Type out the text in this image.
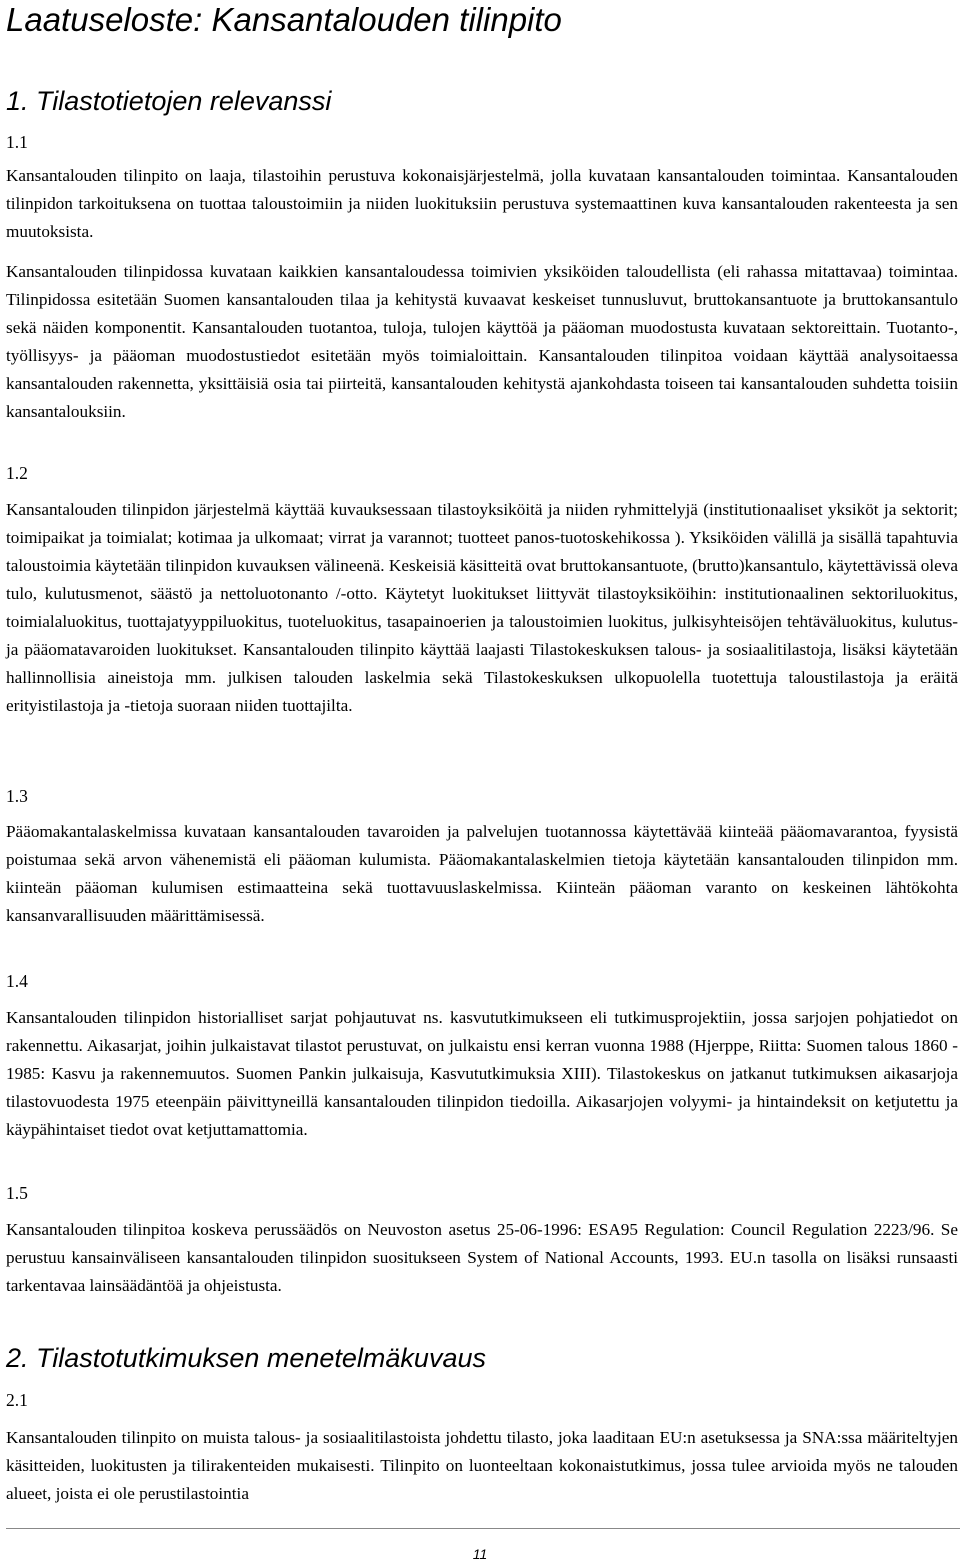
Laatuseloste: Kansantalouden tilinpito
1. Tilastotietojen relevanssi
1.1

Kansantalouden tilinpito on laaja, tilastoihin perustuva kokonaisjärjestelmä, jolla kuvataan kansantalouden toimintaa. Kansantalouden tilinpidon tarkoituksena on tuottaa taloustoimiin ja niiden luokituksiin perustuva systemaattinen kuva kansantalouden rakenteesta ja sen muutoksista.

Kansantalouden tilinpidossa kuvataan kaikkien kansantaloudessa toimivien yksiköiden taloudellista (eli rahassa mitattavaa) toimintaa. Tilinpidossa esitetään Suomen kansantalouden tilaa ja kehitystä kuvaavat keskeiset tunnusluvut, bruttokansantuote ja bruttokansantulo sekä näiden komponentit. Kansantalouden tuotantoa, tuloja, tulojen käyttöä ja pääoman muodostusta kuvataan sektoreittain. Tuotanto-, työllisyys- ja pääoman muodostustiedot esitetään myös toimialoittain. Kansantalouden tilinpitoa voidaan käyttää analysoitaessa kansantalouden rakennetta, yksittäisiä osia tai piirteitä, kansantalouden kehitystä ajankohdasta toiseen tai kansantalouden suhdetta toisiin kansantalouksiin.

1.2

Kansantalouden tilinpidon järjestelmä käyttää kuvauksessaan tilastoyksiköitä ja niiden ryhmittelyjä (institutionaaliset yksiköt ja sektorit; toimipaikat ja toimialat; kotimaa ja ulkomaat; virrat ja varannot; tuotteet panos-tuotoskehikossa ). Yksiköiden välillä ja sisällä tapahtuvia taloustoimia käytetään tilinpidon kuvauksen välineenä. Keskeisiä käsitteitä ovat bruttokansantuote, (brutto)kansantulo, käytettävissä oleva tulo, kulutusmenot, säästö ja nettoluotonanto /-otto. Käytetyt luokitukset liittyvät tilastoyksiköihin: institutionaalinen sektoriluokitus, toimialaluokitus, tuottajatyyppiluokitus, tuoteluokitus, tasapainoerien ja taloustoimien luokitus, julkisyhteisöjen tehtäväluokitus, kulutus- ja pääomatavaroiden luokitukset. Kansantalouden tilinpito käyttää laajasti Tilastokeskuksen talous- ja sosiaalitilastoja, lisäksi käytetään hallinnollisia aineistoja mm. julkisen talouden laskelmia sekä Tilastokeskuksen ulkopuolella tuotettuja taloustilastoja ja eräitä erityistilastoja ja -tietoja suoraan niiden tuottajilta.

1.3

Pääomakantalaskelmissa kuvataan kansantalouden tavaroiden ja palvelujen tuotannossa käytettävää kiinteää pääomavarantoa, fyysistä poistumaa sekä arvon vähenemistä eli pääoman kulumista. Pääomakantalaskelmien tietoja käytetään kansantalouden tilinpidon mm. kiinteän pääoman kulumisen estimaatteina sekä tuottavuuslaskelmissa. Kiinteän pääoman varanto on keskeinen lähtökohta kansanvarallisuuden määrittämisessä.

1.4

Kansantalouden tilinpidon historialliset sarjat pohjautuvat ns. kasvututkimukseen eli tutkimusprojektiin, jossa sarjojen pohjatiedot on rakennettu. Aikasarjat, joihin julkaistavat tilastot perustuvat, on julkaistu ensi kerran vuonna 1988 (Hjerppe, Riitta: Suomen talous 1860 - 1985: Kasvu ja rakennemuutos. Suomen Pankin julkaisuja, Kasvututkimuksia XIII). Tilastokeskus on jatkanut tutkimuksen aikasarjoja tilastovuodesta 1975 eteenpäin päivittyneillä kansantalouden tilinpidon tiedoilla. Aikasarjojen volyymi- ja hintaindeksit on ketjutettu ja käypähintaiset tiedot ovat ketjuttamattomia.

1.5

Kansantalouden tilinpitoa koskeva perussäädös on Neuvoston asetus 25-06-1996: ESA95 Regulation: Council Regulation 2223/96. Se perustuu kansainväliseen kansantalouden tilinpidon suositukseen System of National Accounts, 1993. EU.n tasolla on lisäksi runsaasti tarkentavaa lainsäädäntöä ja ohjeistusta.

2. Tilastotutkimuksen menetelmäkuvaus
2.1

Kansantalouden tilinpito on muista talous- ja sosiaalitilastoista johdettu tilasto, joka laaditaan EU:n asetuksessa ja SNA:ssa määriteltyjen käsitteiden, luokitusten ja tilirakenteiden mukaisesti. Tilinpito on luonteeltaan kokonaistutkimus, jossa tulee arvioida myös ne talouden alueet, joista ei ole perustilastointia

11
